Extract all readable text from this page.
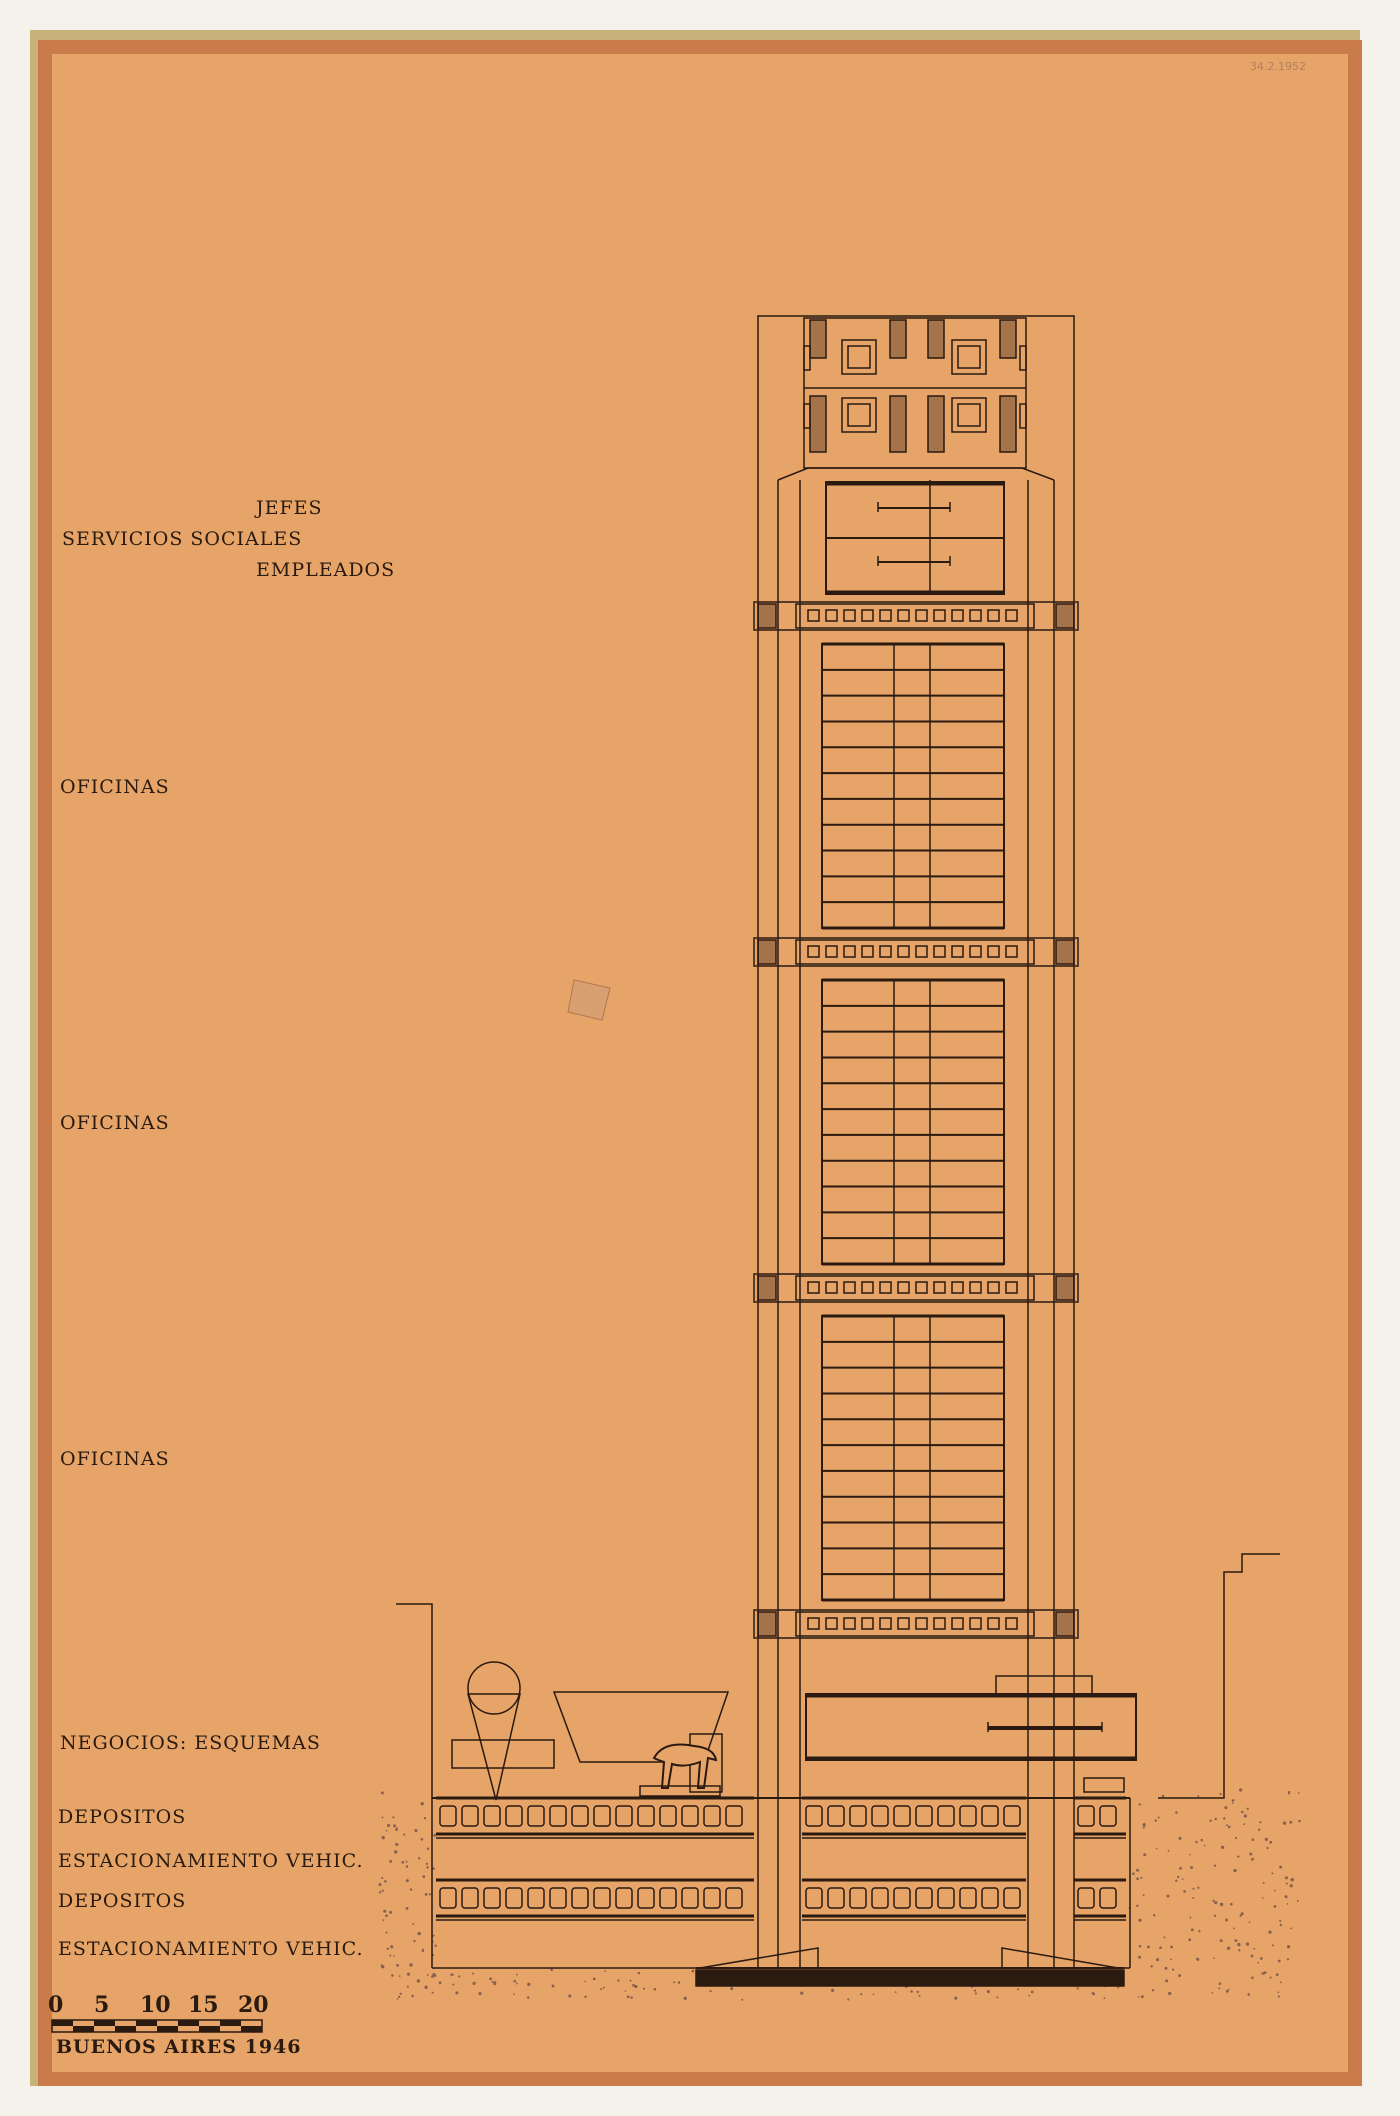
JEFES
SERVICIOS SOCIALES
EMPLEADOS
OFICINAS
OFICINAS
OFICINAS
NEGOCIOS: ESQUEMAS
DEPOSITOS
ESTACIONAMIENTO VEHIC.
DEPOSITOS
ESTACIONAMIENTO VEHIC.
0 5 10 15 20
BUENOS AIRES 1946
34.2.1952
